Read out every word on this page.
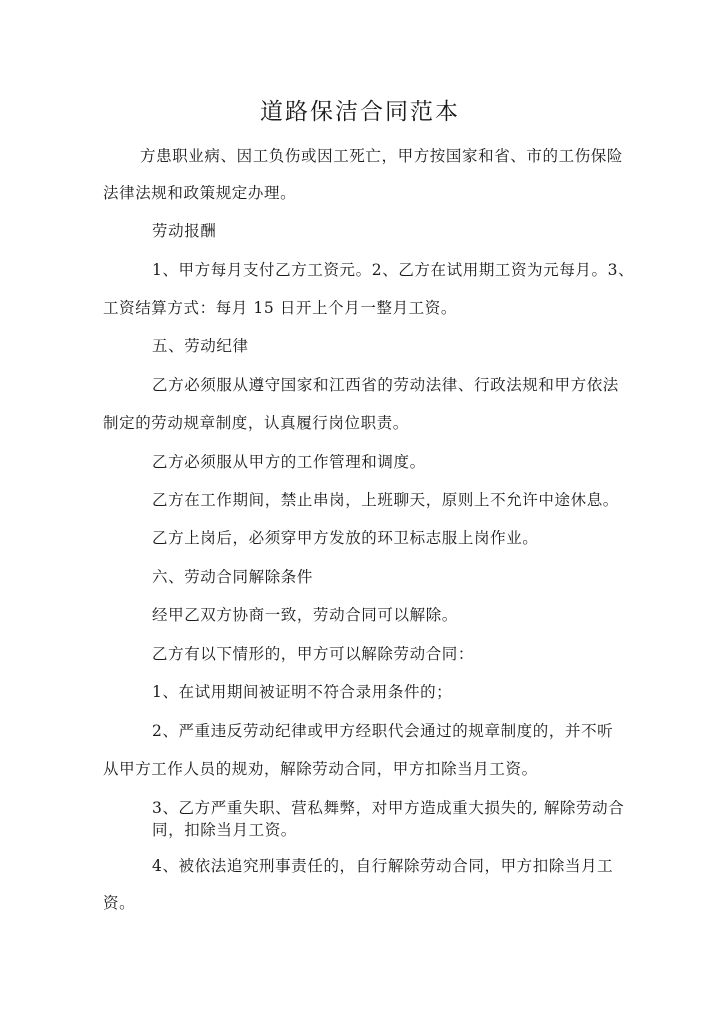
道路保洁合同范本
方患职业病、因工负伤或因工死亡，甲方按国家和省、市的工伤保险
法律法规和政策规定办理。
劳动报酬
1、甲方每月支付乙方工资元。2、乙方在试用期工资为元每月。3、
工资结算方式：每月 15 日开上个月一整月工资。
五、劳动纪律
乙方必须服从遵守国家和江西省的劳动法律、行政法规和甲方依法
制定的劳动规章制度，认真履行岗位职责。
乙方必须服从甲方的工作管理和调度。
乙方在工作期间，禁止串岗，上班聊天，原则上不允许中途休息。
乙方上岗后，必须穿甲方发放的环卫标志服上岗作业。
六、劳动合同解除条件
经甲乙双方协商一致，劳动合同可以解除。
乙方有以下情形的，甲方可以解除劳动合同：
1、在试用期间被证明不符合录用条件的；
2、严重违反劳动纪律或甲方经职代会通过的规章制度的，并不听
从甲方工作人员的规劝，解除劳动合同，甲方扣除当月工资。
3、乙方严重失职、营私舞弊，对甲方造成重大损失的, 解除劳动合
同，扣除当月工资。
4、被依法追究刑事责任的，自行解除劳动合同，甲方扣除当月工
资。
